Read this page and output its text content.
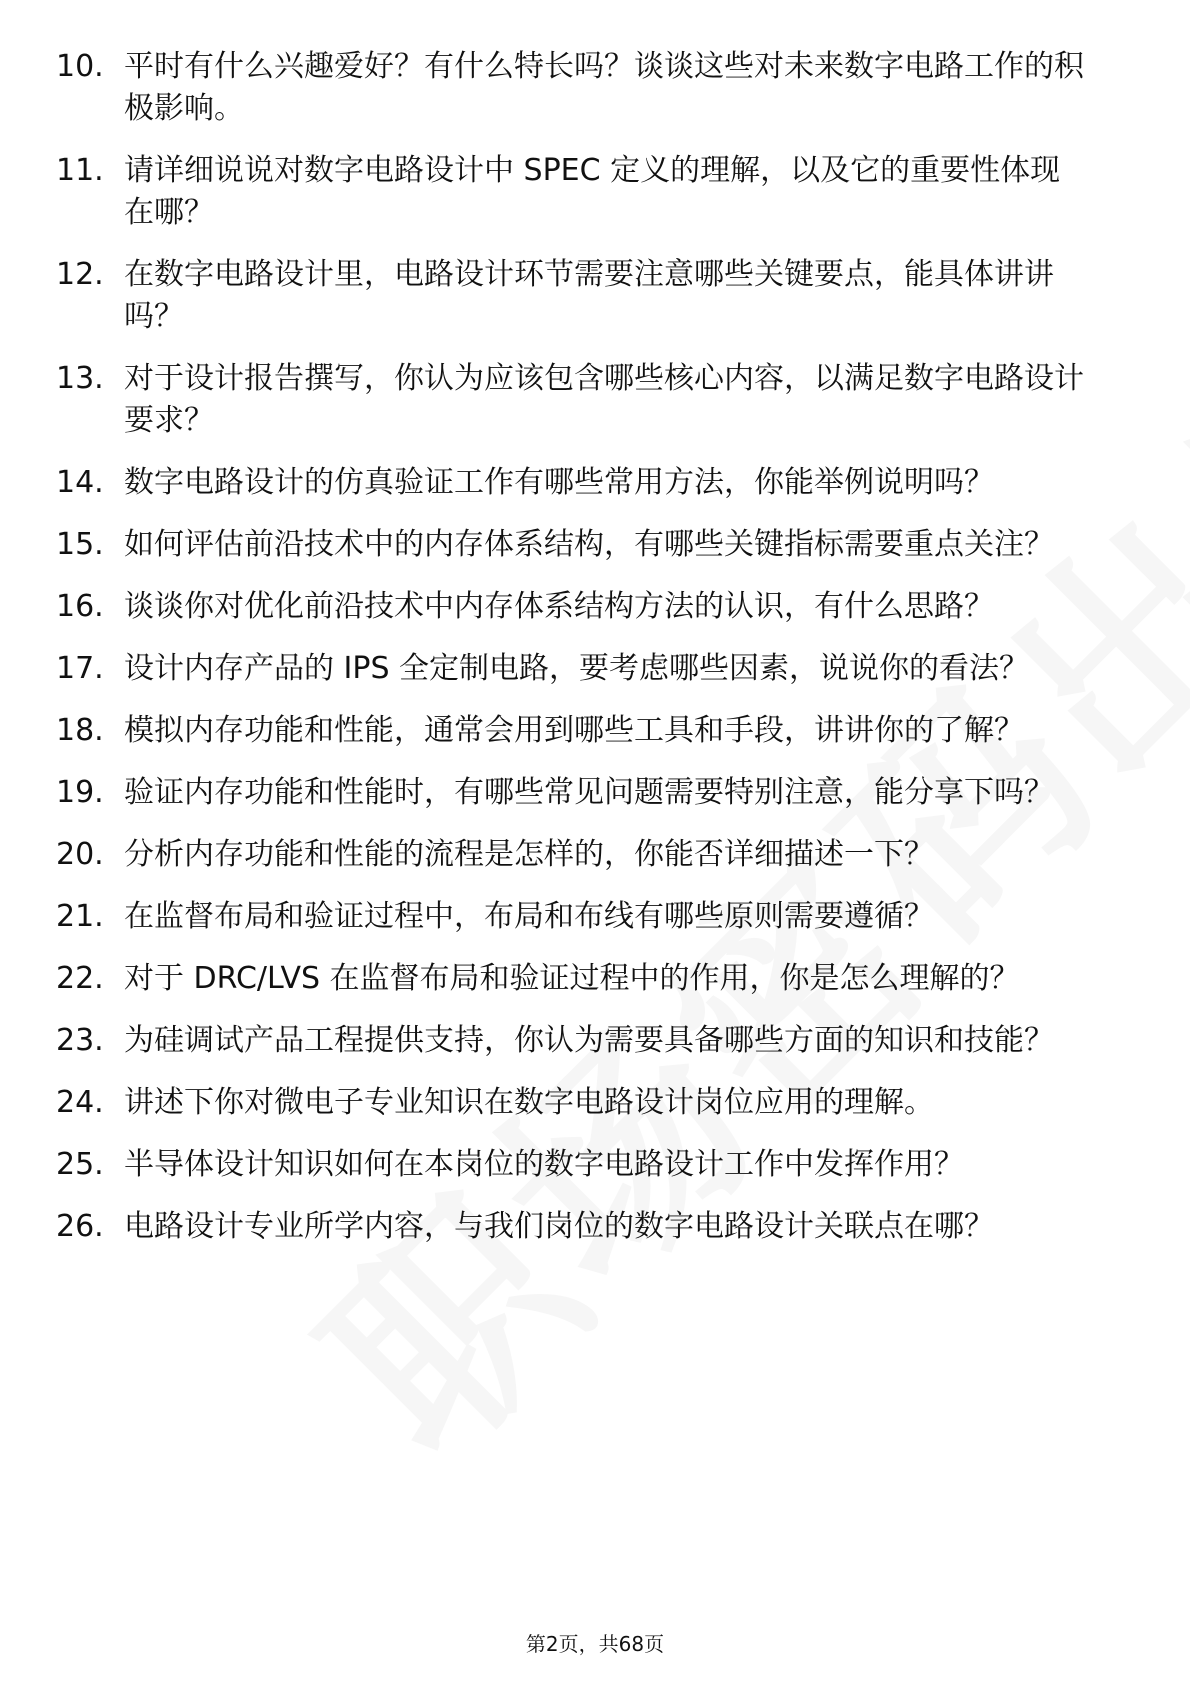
10. 平时有什么兴趣爱好？有什么特长吗？谈谈这些对未来数字电路工作的积极影响。
11. 请详细说说对数字电路设计中 SPEC 定义的理解，以及它的重要性体现在哪？
12. 在数字电路设计里，电路设计环节需要注意哪些关键要点，能具体讲讲吗？
13. 对于设计报告撰写，你认为应该包含哪些核心内容，以满足数字电路设计要求？
14. 数字电路设计的仿真验证工作有哪些常用方法，你能举例说明吗？
15. 如何评估前沿技术中的内存体系结构，有哪些关键指标需要重点关注？
16. 谈谈你对优化前沿技术中内存体系结构方法的认识，有什么思路？
17. 设计内存产品的 IPS 全定制电路，要考虑哪些因素，说说你的看法？
18. 模拟内存功能和性能，通常会用到哪些工具和手段，讲讲你的了解？
19. 验证内存功能和性能时，有哪些常见问题需要特别注意，能分享下吗？
20. 分析内存功能和性能的流程是怎样的，你能否详细描述一下？
21. 在监督布局和验证过程中，布局和布线有哪些原则需要遵循？
22. 对于 DRC/LVS 在监督布局和验证过程中的作用，你是怎么理解的？
23. 为硅调试产品工程提供支持，你认为需要具备哪些方面的知识和技能？
24. 讲述下你对微电子专业知识在数字电路设计岗位应用的理解。
25. 半导体设计知识如何在本岗位的数字电路设计工作中发挥作用？
26. 电路设计专业所学内容，与我们岗位的数字电路设计关联点在哪？
第2页，共68页
